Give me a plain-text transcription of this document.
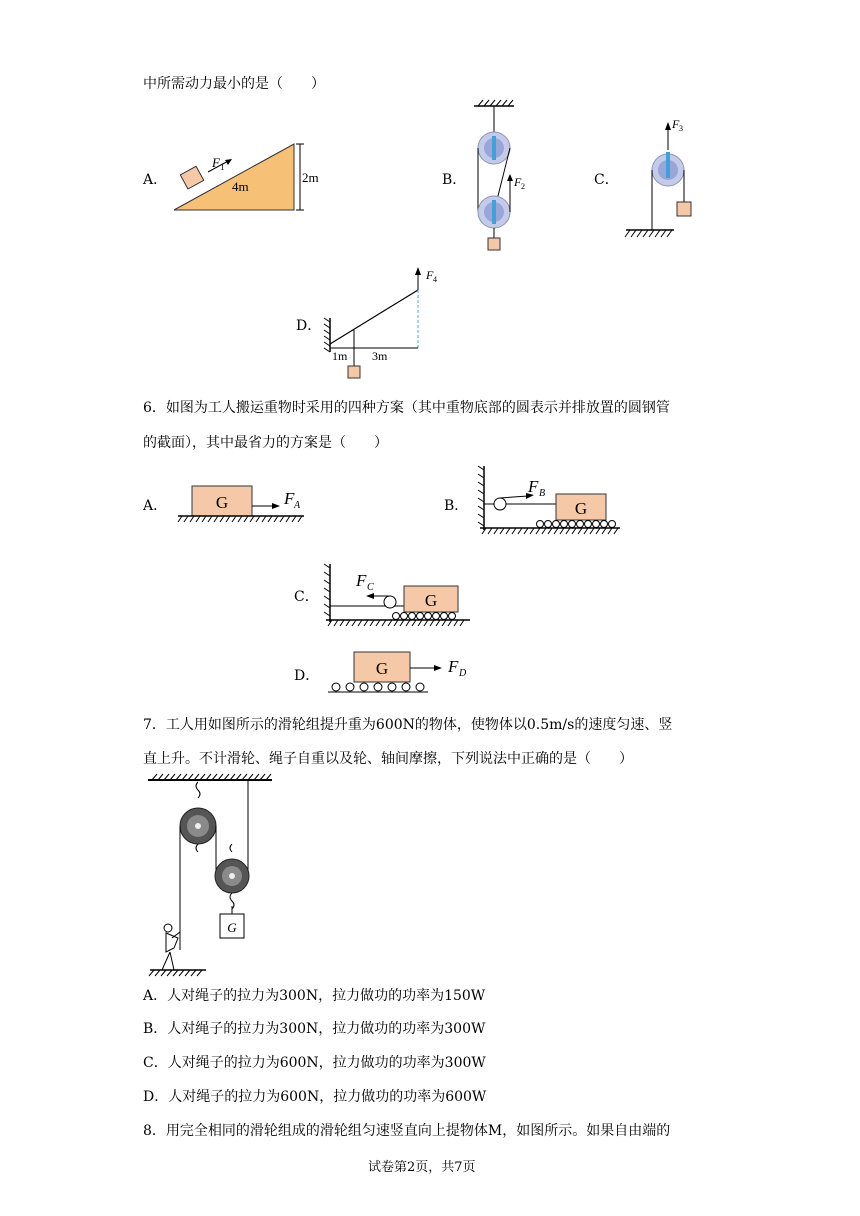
中所需动力最小的是（　　）
A．	B．	C．
D．
F 1
4m
2m	F 2
F 3
F 4
1m 3m
6．如图为工人搬运重物时采用的四种方案（其中重物底部的圆表示并排放置的圆钢管
的截面），其中最省力的方案是（　　）
A．	B．
C．
D．
G	F A
F B
G
F C
G
G	F D
7．工人用如图所示的滑轮组提升重为600N的物体，使物体以0.5m/s的速度匀速、竖
直上升。不计滑轮、绳子自重以及轮、轴间摩擦，下列说法中正确的是（　　）
G
A．人对绳子的拉力为300N，拉力做功的功率为150W
B．人对绳子的拉力为300N，拉力做功的功率为300W
C．人对绳子的拉力为600N，拉力做功的功率为300W
D．人对绳子的拉力为600N，拉力做功的功率为600W
8．用完全相同的滑轮组成的滑轮组匀速竖直向上提物体M，如图所示。如果自由端的
试卷第2页，共7页
